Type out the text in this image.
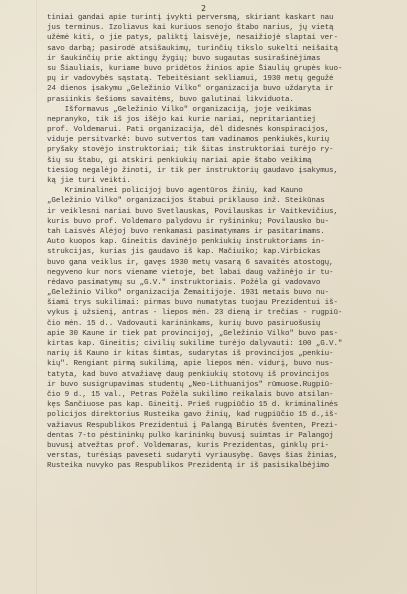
2
tiniai gandai apie turintį įvykti perversmą, skiriant kaskart nau
jus terminus. Izoliavus kai kuriuos senojo štabo narius, jų vietą
užėmė kiti, o jie patys, paliktį laisvėje, nesaižiojė slaptai ver-
savo darbą; pasirodė atsišaukimų, turinčių tikslo sukelti neišaitą
ir šaukinčių prie aktingų žygių; buvo sugautas susirašinėjimas
su Šiauliais, kuriame buvo pridėtos žinios apie Šiaulių grupės kuo-
pų ir vadovybės sąstatą. Tebeitėsiant sekliamui, 1930 metų gegužė
24 dienos įsakymu „Geležinio Vilko" organizacija buvo uždaryta ir
prasiinkis šešioms savaitėms, buvo galutinai likviduota.
Išformavus „Geležinio Vilko" organizaciją, joje veikimas
nepranyko, tik iš jos išėjo kai kurie nariai, nepritariantiej
prof. Voldemarui. Pati organizacija, dėl didesnės konspiracijos,
viduje persitvarkė: buvo sutvertos tam vadinamos penkiukės,kurių
pryšaky stovėjo instruktoriai; tik šitas instruktoriai turėjo ry-
šių su štabu, gi atskiri penkiukių nariai apie štabo veikimą
tiesiog negalėjo žinoti, ir tik per instruktorių gaudavo įsakymus,
ką jie turi veikti.
Kriminalinei policijoj buvo agentūros žinių, kad Kauno
„Geležinio Vilko" organizacijos štabui priklauso inž. Steikūnas
ir veiklesni nariai buvo Svetlauskas, Povilauskas ir Vaitkevičius,
kuris buvo prof. Voldemaro palydovu ir ryšininku; Povilausko bu-
tah Laisvės Alėjoj buvo renkamasi pasimatymams ir pasitarimams.
Auto kuopos kap. Gineitis davinėjo penkiukių instruktoriams in-
strukcijas, kurias jis gaudavo iš kap. Mačiuiko; kap.Virbickas
buvo gana veiklus ir, gavęs 1930 metų vasarą 6 savaitės atostogų,
negyveno kur nors viename vietoje, bet labai daug važinėjo ir tu-
rėdavo pasimatymų su „G.V." instruktoriais. Požėla gi vadovavo
„Geležinio Vilko" organizacija Žemaitijoje. 1931 metais buvo nu-
šiami trys sukilimai: pirmas buvo numatytas tuojau Prezidentui iš-
vykus į užsienį, antras - liepos mėn. 23 dieną ir trečias - rugpiū-
čio mėn. 15 d.. Vadovauti karininkams, kurių buvo pasiruošusių
apie 30 Kaune ir tiek pat provincijoj, „Geležinio Vilko" buvo pas-
kirtas kap. Gineitis; civilių sukilime turėjo dalyvauti: 100 „G.V."
narių iš Kauno ir kitas šimtas, sudarytas iš provincijos „penkiu-
kių". Rengiant pirmą sukilimą, apie liepos mėn. vidurį, buvo nus-
tatyta, kad buvo atvažiavę daug penkiukių stotovų iš provincijos
ir buvo susigrupavimas studentų „Neo-Lithuanijos" rūmuose.Rugpiū-
čio 9 d., 15 val., Petras Požėla sukilimo reikalais buvo atsilan-
kęs Šančiuose pas kap. Gineitį. Prieš rugpiūčio 15 d. kriminalinės
policijos direktorius Rusteika gavo žinių, kad rugpiūčio 15 d.,iš-
važiavus Respublikos Prezidentui į Palangą Birutės šventen, Prezi-
dentas 7-to pėstininkų pulko karininkų buvusį suimtas ir Palangoj
buvusį atvežtas prof. Voldemaras, kuris Prezidentas, ginklų pri-
verstas, turėsiąs paveseti sudaryti vyriausybę. Gavęs šias žinias,
Rusteika nuvyko pas Respublikos Prezidentą ir iš pasisikalbėjimo
